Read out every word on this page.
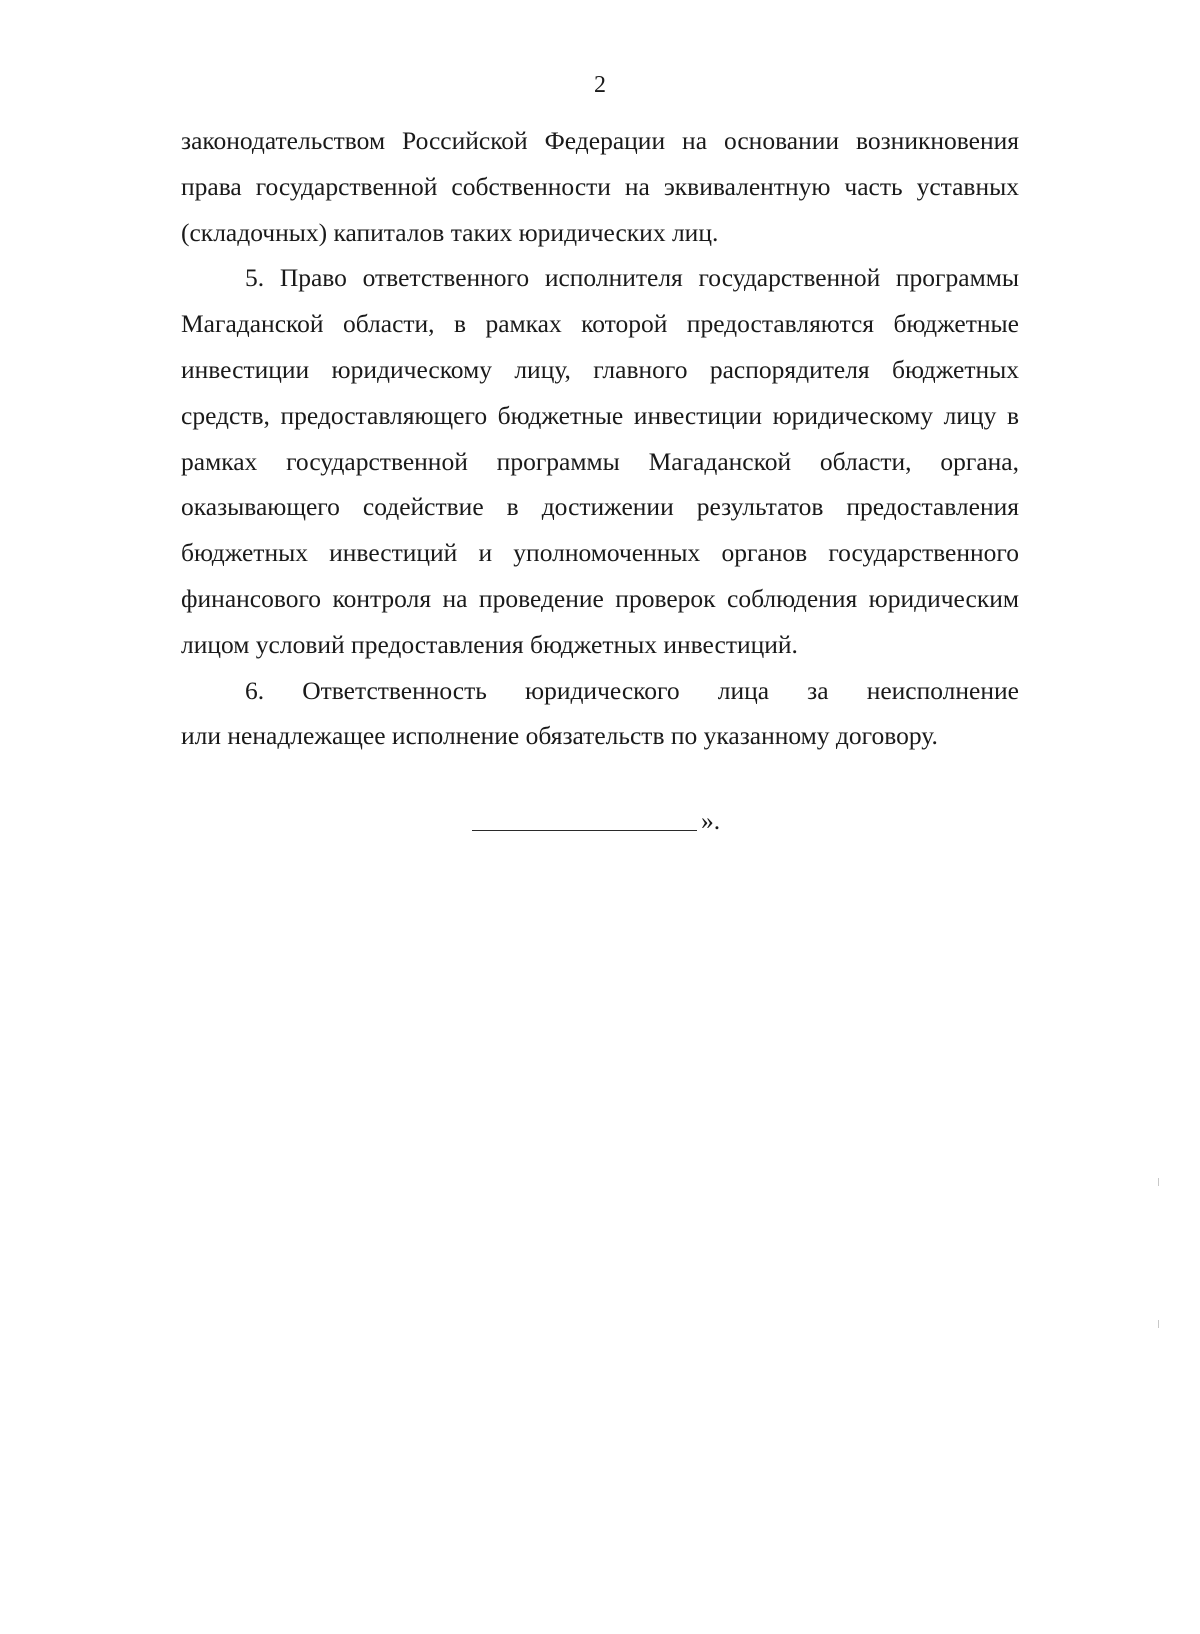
2

законодательством Российской Федерации на основании возникновения права государственной собственности на эквивалентную часть уставных (складочных) капиталов таких юридических лиц.

5. Право ответственного исполнителя государственной программы Магаданской области, в рамках которой предоставляются бюджетные инвестиции юридическому лицу, главного распорядителя бюджетных средств, предоставляющего бюджетные инвестиции юридическому лицу в рамках государственной программы Магаданской области, органа, оказывающего содействие в достижении результатов предоставления бюджетных инвестиций и уполномоченных органов государственного финансового контроля на проведение проверок соблюдения юридическим лицом условий предоставления бюджетных инвестиций.

6. Ответственность юридического лица за неисполнение

или ненадлежащее исполнение обязательств по указанному договору.

».
